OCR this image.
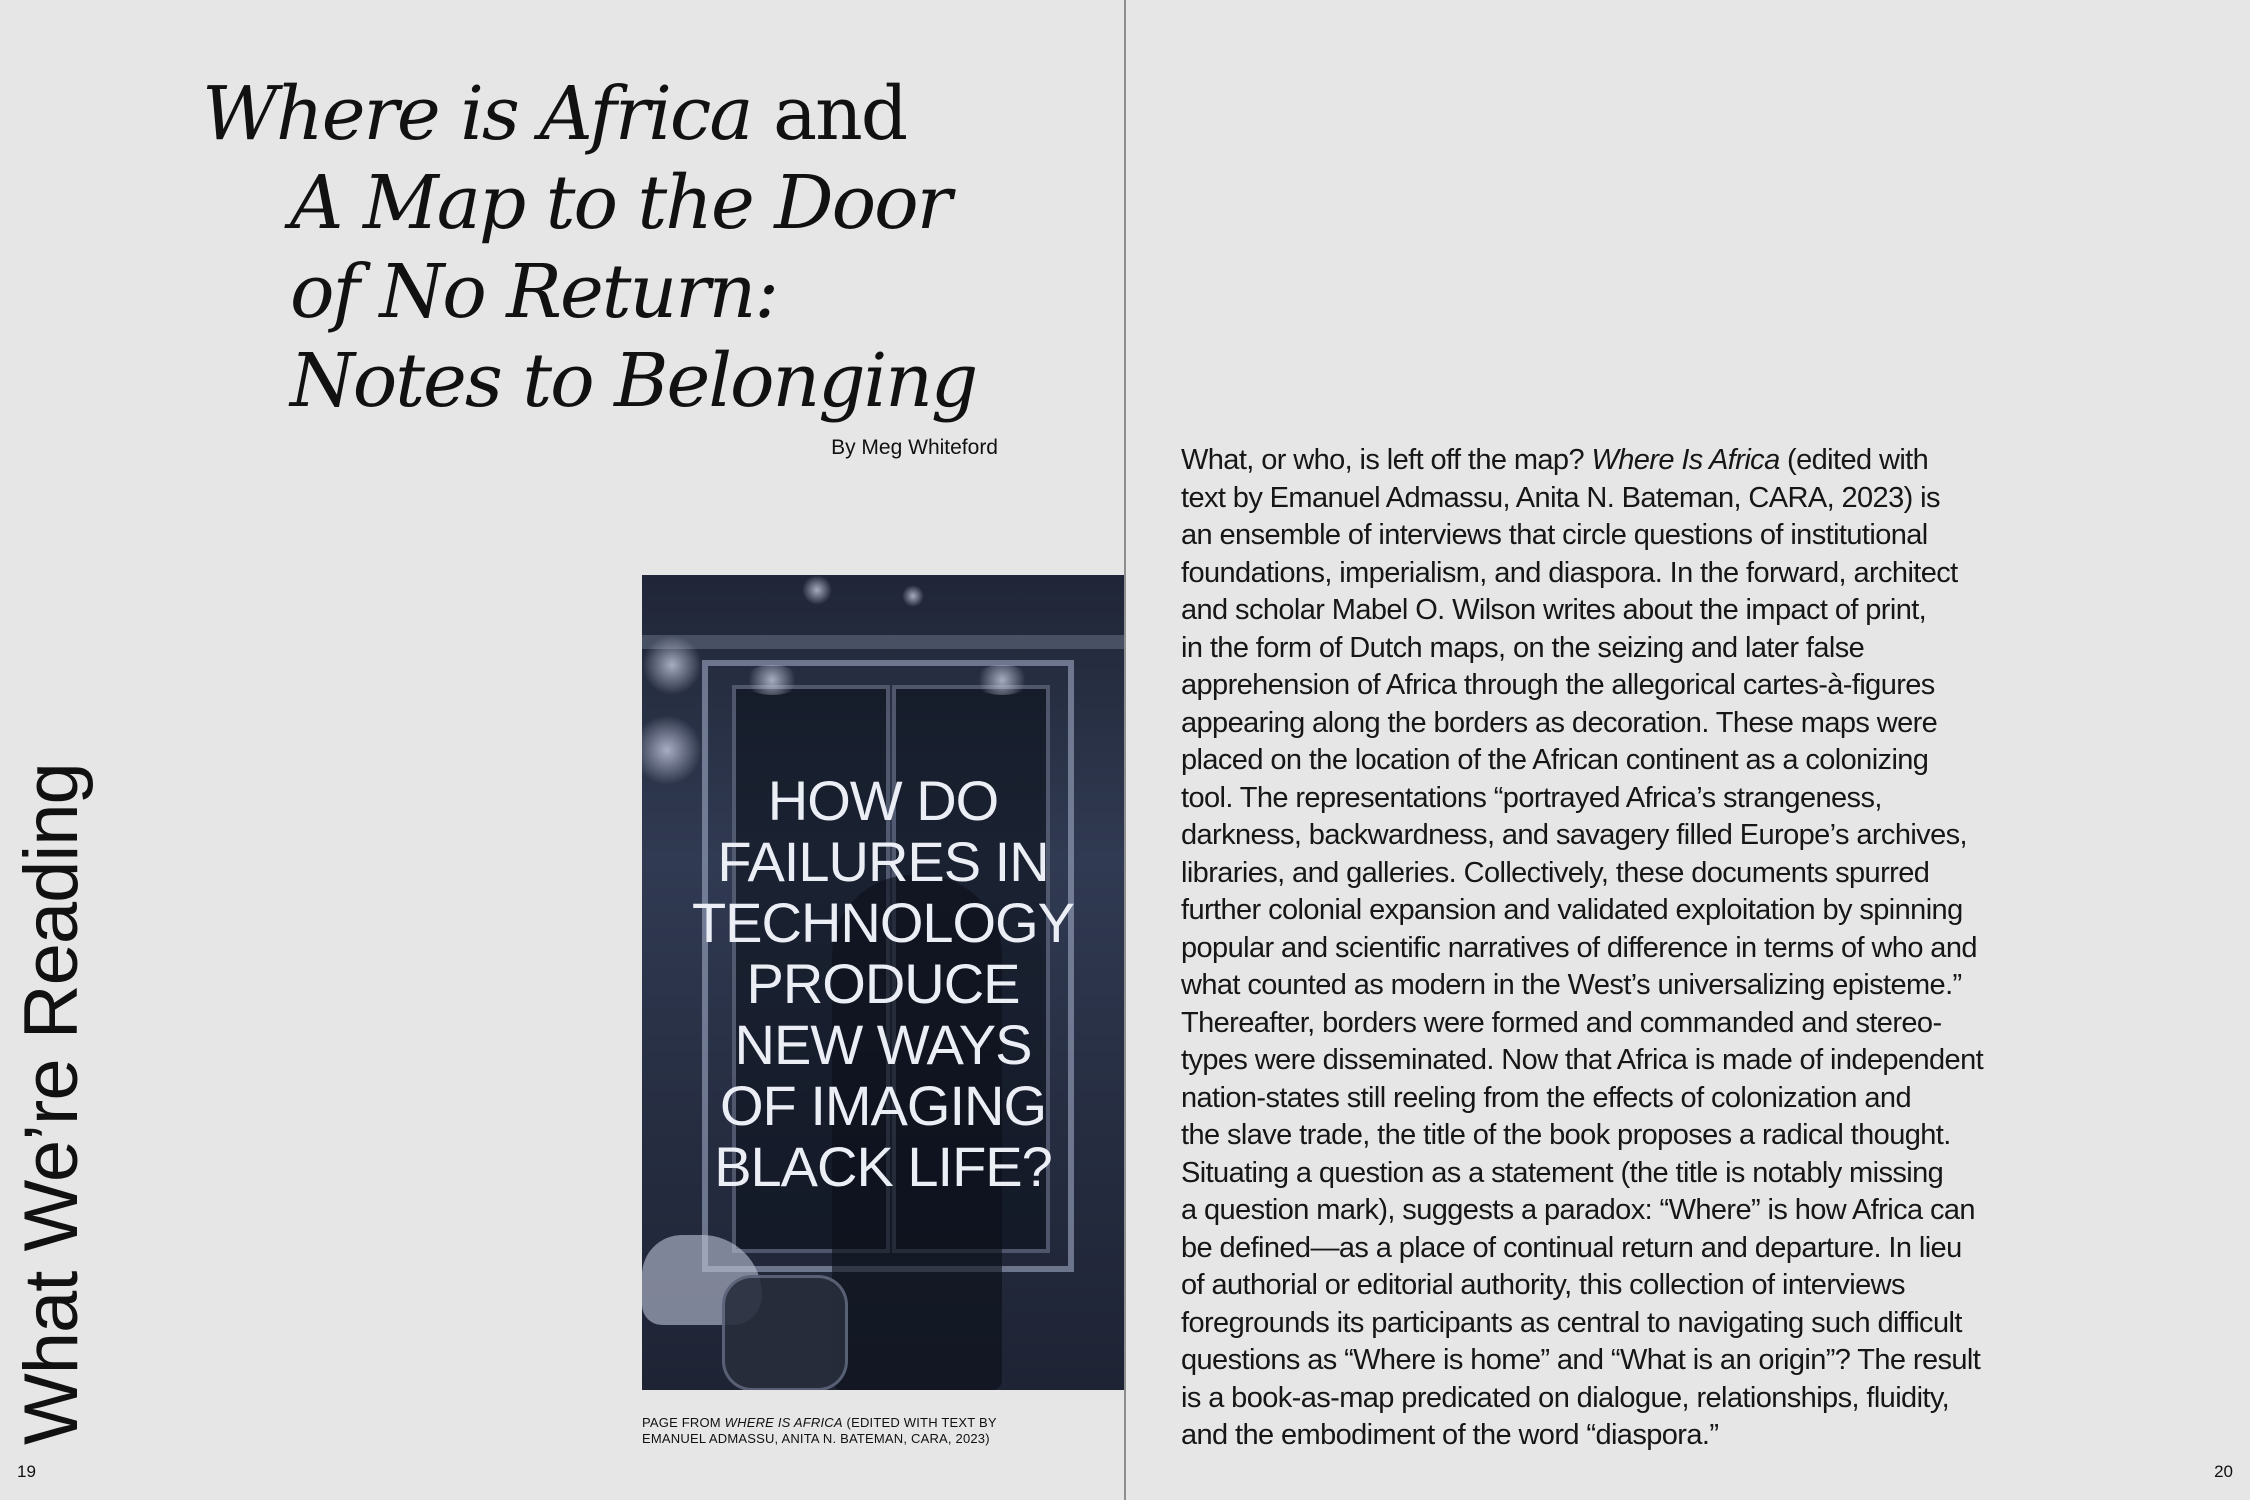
Where is Africa and
A Map to the Door
of No Return:
Notes to Belonging
By Meg Whiteford
What We’re Reading
19	20
HOW DO
FAILURES IN
TECHNOLOGY
PRODUCE
NEW WAYS
OF IMAGING
BLACK LIFE?
PAGE FROM WHERE IS AFRICA (EDITED WITH TEXT BY
EMANUEL ADMASSU, ANITA N. BATEMAN, CARA, 2023)
What, or who, is left off the map? Where Is Africa (edited with
text by Emanuel Admassu, Anita N. Bateman, CARA, 2023) is
an ensemble of interviews that circle questions of institutional
foundations, imperialism, and diaspora. In the forward, architect
and scholar Mabel O. Wilson writes about the impact of print,
in the form of Dutch maps, on the seizing and later false
apprehension of Africa through the allegorical cartes-à-figures
appearing along the borders as decoration. These maps were
placed on the location of the African continent as a colonizing
tool. The representations “portrayed Africa’s strangeness,
darkness, backwardness, and savagery filled Europe’s archives,
libraries, and galleries. Collectively, these documents spurred
further colonial expansion and validated exploitation by spinning
popular and scientific narratives of difference in terms of who and
what counted as modern in the West’s universalizing episteme.”
Thereafter, borders were formed and commanded and stereo-
types were disseminated. Now that Africa is made of independent
nation-states still reeling from the effects of colonization and
the slave trade, the title of the book proposes a radical thought.
Situating a question as a statement (the title is notably missing
a question mark), suggests a paradox: “Where” is how Africa can
be defined—as a place of continual return and departure. In lieu
of authorial or editorial authority, this collection of interviews
foregrounds its participants as central to navigating such difficult
questions as “Where is home” and “What is an origin”? The result
is a book-as-map predicated on dialogue, relationships, fluidity,
and the embodiment of the word “diaspora.”
